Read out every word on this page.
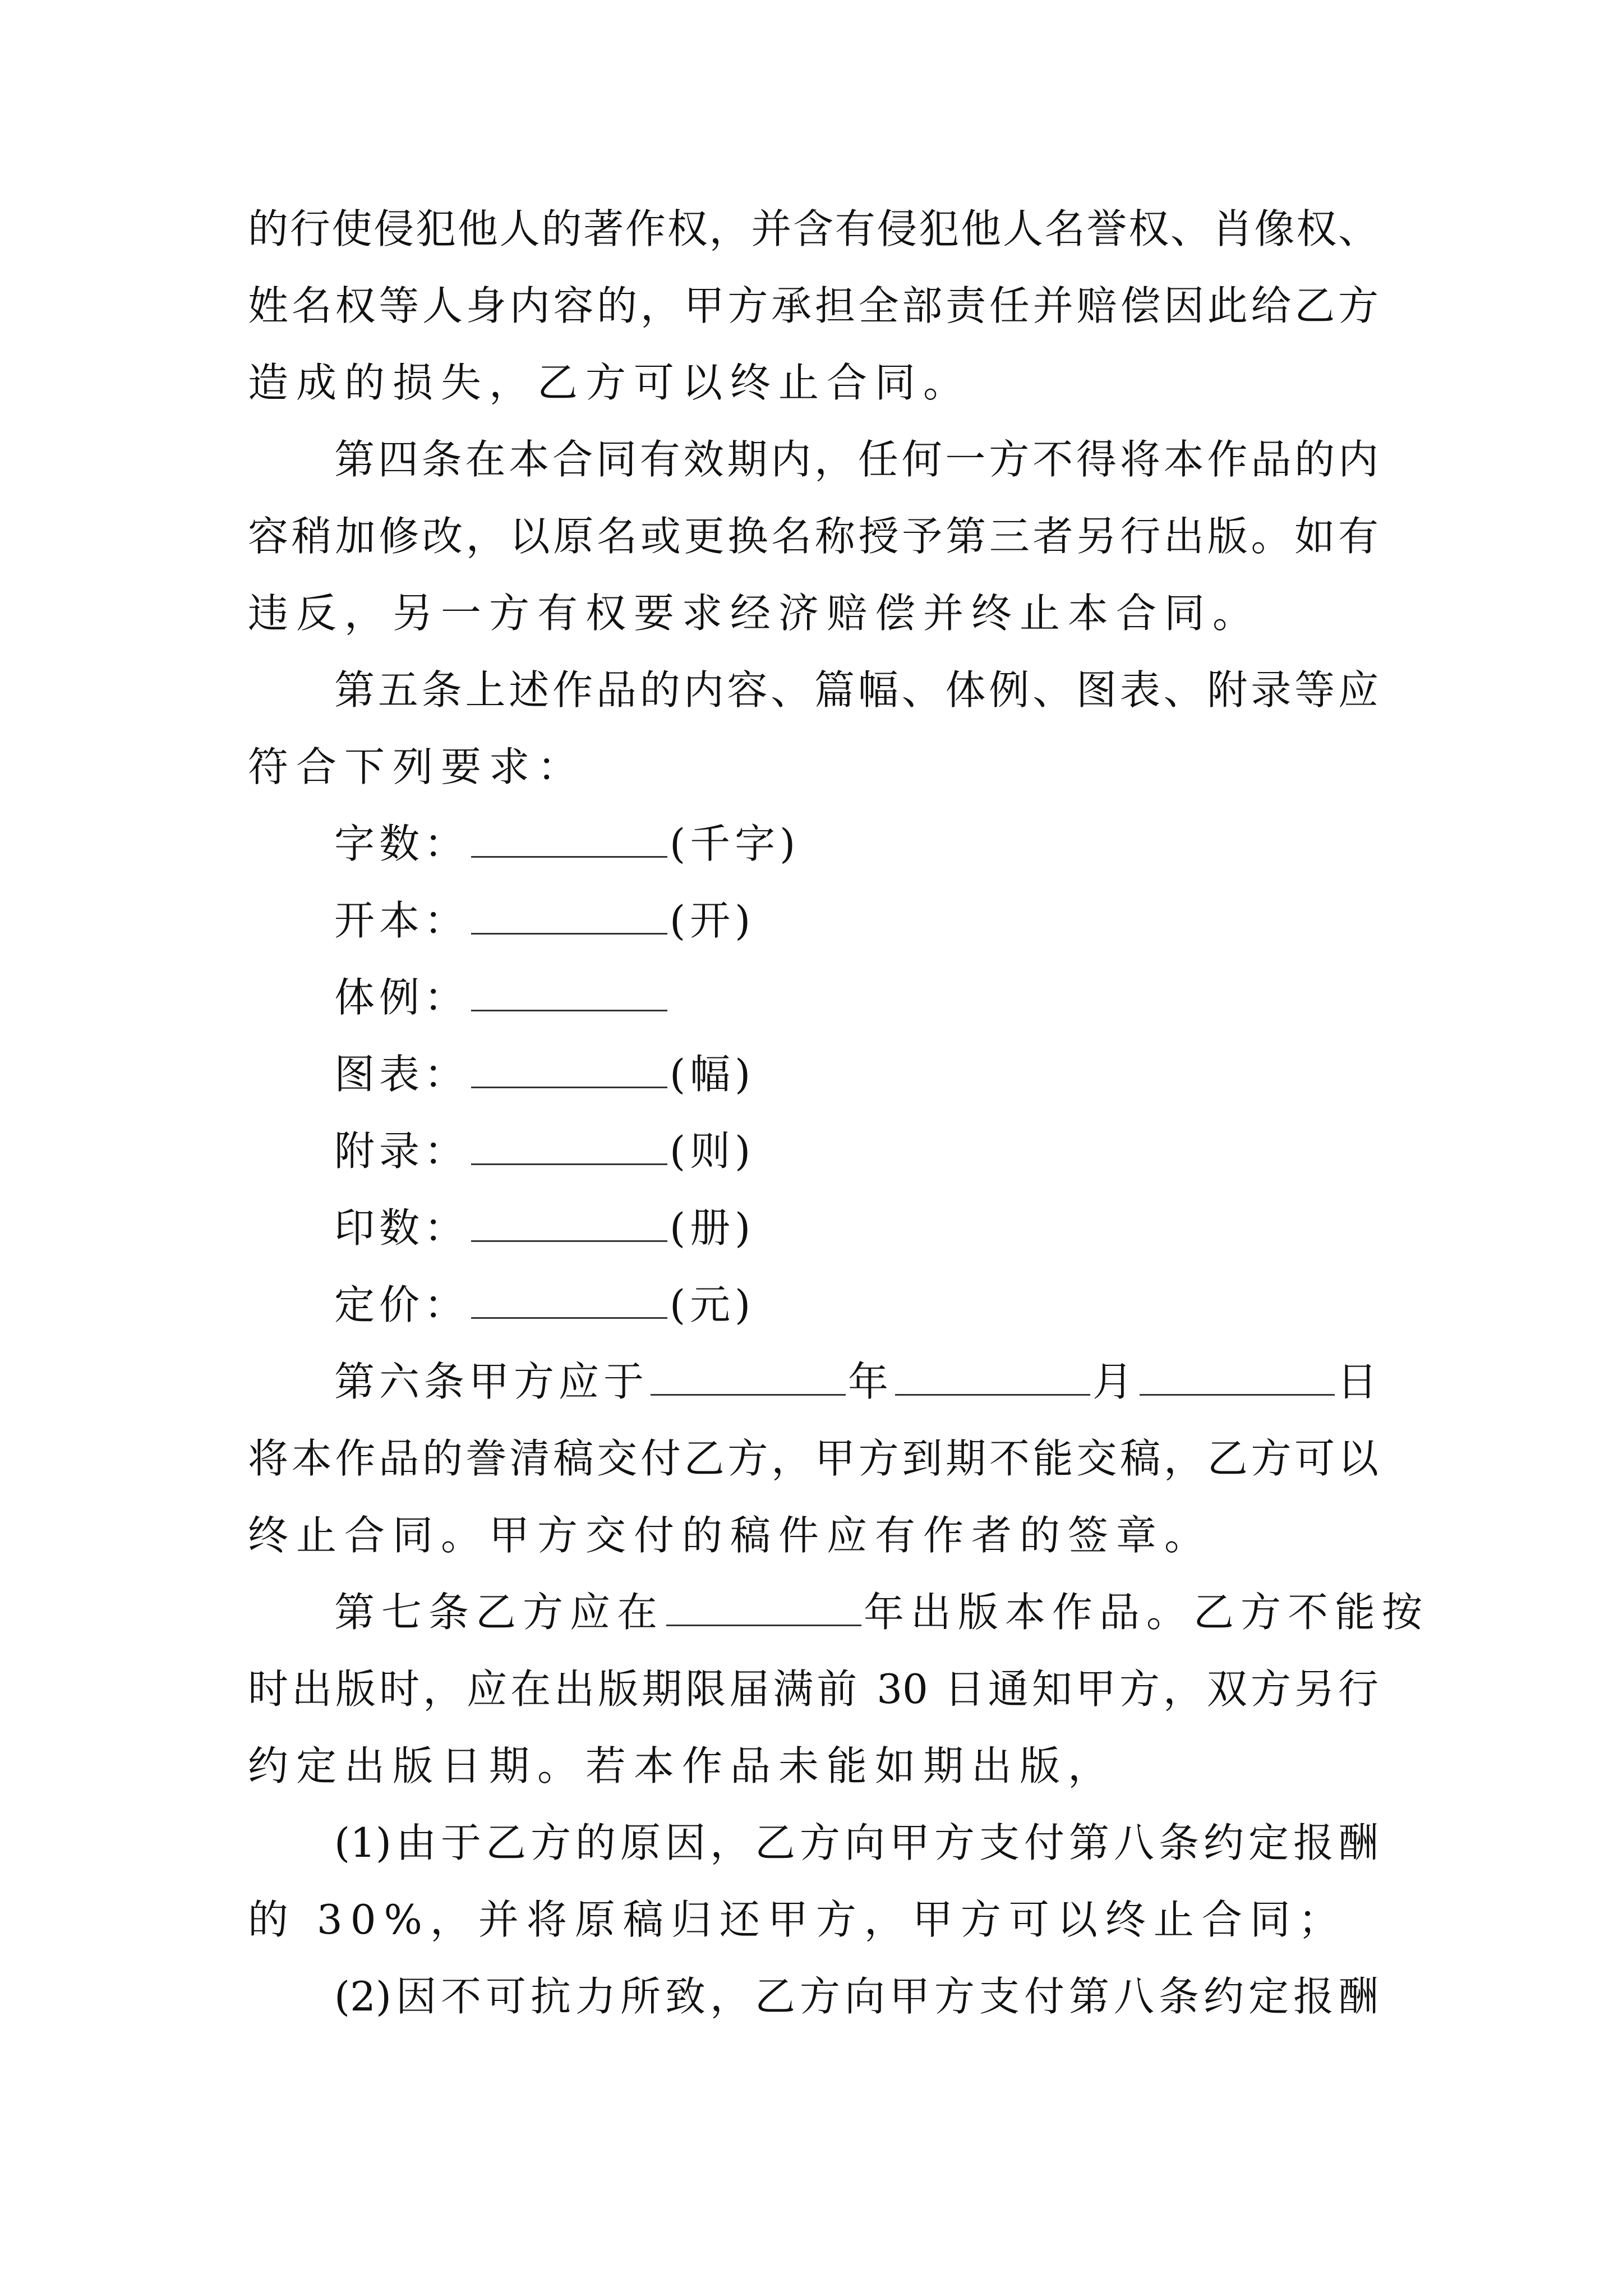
的行使侵犯他人的著作权，并含有侵犯他人名誉权、肖像权、
姓名权等人身内容的，甲方承担全部责任并赔偿因此给乙方
造成的损失，乙方可以终止合同。
第四条在本合同有效期内，任何一方不得将本作品的内
容稍加修改，以原名或更换名称授予第三者另行出版。如有
违反，另一方有权要求经济赔偿并终止本合同。
第五条上述作品的内容、篇幅、体例、图表、附录等应
符合下列要求：
字数：	(千字)
开本：	(开)
体例：
图表：	(幅)
附录：	(则)
印数：	(册)
定价：	(元)
第六条甲方应于	年	月	日
将本作品的誊清稿交付乙方，甲方到期不能交稿，乙方可以
终止合同。甲方交付的稿件应有作者的签章。
第七条乙方应在	年出版本作品。乙方不能按
时出版时，应在出版期限届满前 30 日通知甲方，双方另行
约定出版日期。若本作品未能如期出版，
(1)由于乙方的原因，乙方向甲方支付第八条约定报酬
的 30%，并将原稿归还甲方，甲方可以终止合同；
(2)因不可抗力所致，乙方向甲方支付第八条约定报酬
